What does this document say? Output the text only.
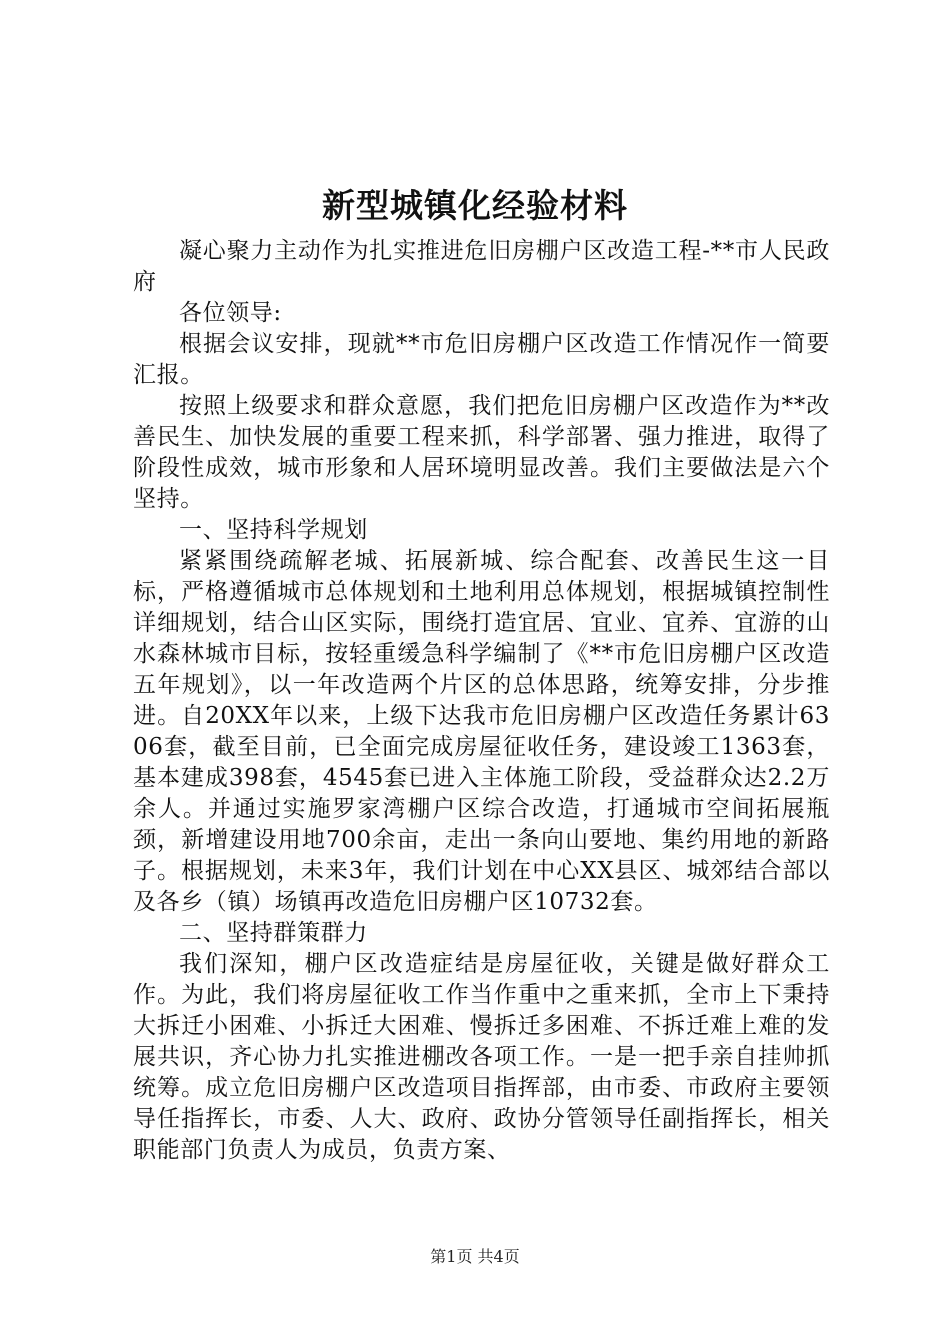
新型城镇化经验材料

凝心聚力主动作为扎实推进危旧房棚户区改造工程-**市人民政府

各位领导:

根据会议安排，现就**市危旧房棚户区改造工作情况作一简要汇报。

按照上级要求和群众意愿，我们把危旧房棚户区改造作为**改善民生、加快发展的重要工程来抓，科学部署、强力推进，取得了阶段性成效，城市形象和人居环境明显改善。我们主要做法是六个坚持。

一、坚持科学规划

紧紧围绕疏解老城、拓展新城、综合配套、改善民生这一目标，严格遵循城市总体规划和土地利用总体规划，根据城镇控制性详细规划，结合山区实际，围绕打造宜居、宜业、宜养、宜游的山水森林城市目标，按轻重缓急科学编制了《**市危旧房棚户区改造五年规划》，以一年改造两个片区的总体思路，统筹安排，分步推进。自20XX年以来，上级下达我市危旧房棚户区改造任务累计6306套，截至目前，已全面完成房屋征收任务，建设竣工1363套，基本建成398套，4545套已进入主体施工阶段，受益群众达2.2万余人。并通过实施罗家湾棚户区综合改造，打通城市空间拓展瓶颈，新增建设用地700余亩，走出一条向山要地、集约用地的新路子。根据规划，未来3年，我们计划在中心XX县区、城郊结合部以及各乡（镇）场镇再改造危旧房棚户区10732套。

二、坚持群策群力

我们深知，棚户区改造症结是房屋征收，关键是做好群众工作。为此，我们将房屋征收工作当作重中之重来抓，全市上下秉持大拆迁小困难、小拆迁大困难、慢拆迁多困难、不拆迁难上难的发展共识，齐心协力扎实推进棚改各项工作。一是一把手亲自挂帅抓统筹。成立危旧房棚户区改造项目指挥部，由市委、市政府主要领导任指挥长，市委、人大、政府、政协分管领导任副指挥长，相关职能部门负责人为成员，负责方案、

第1页 共4页
